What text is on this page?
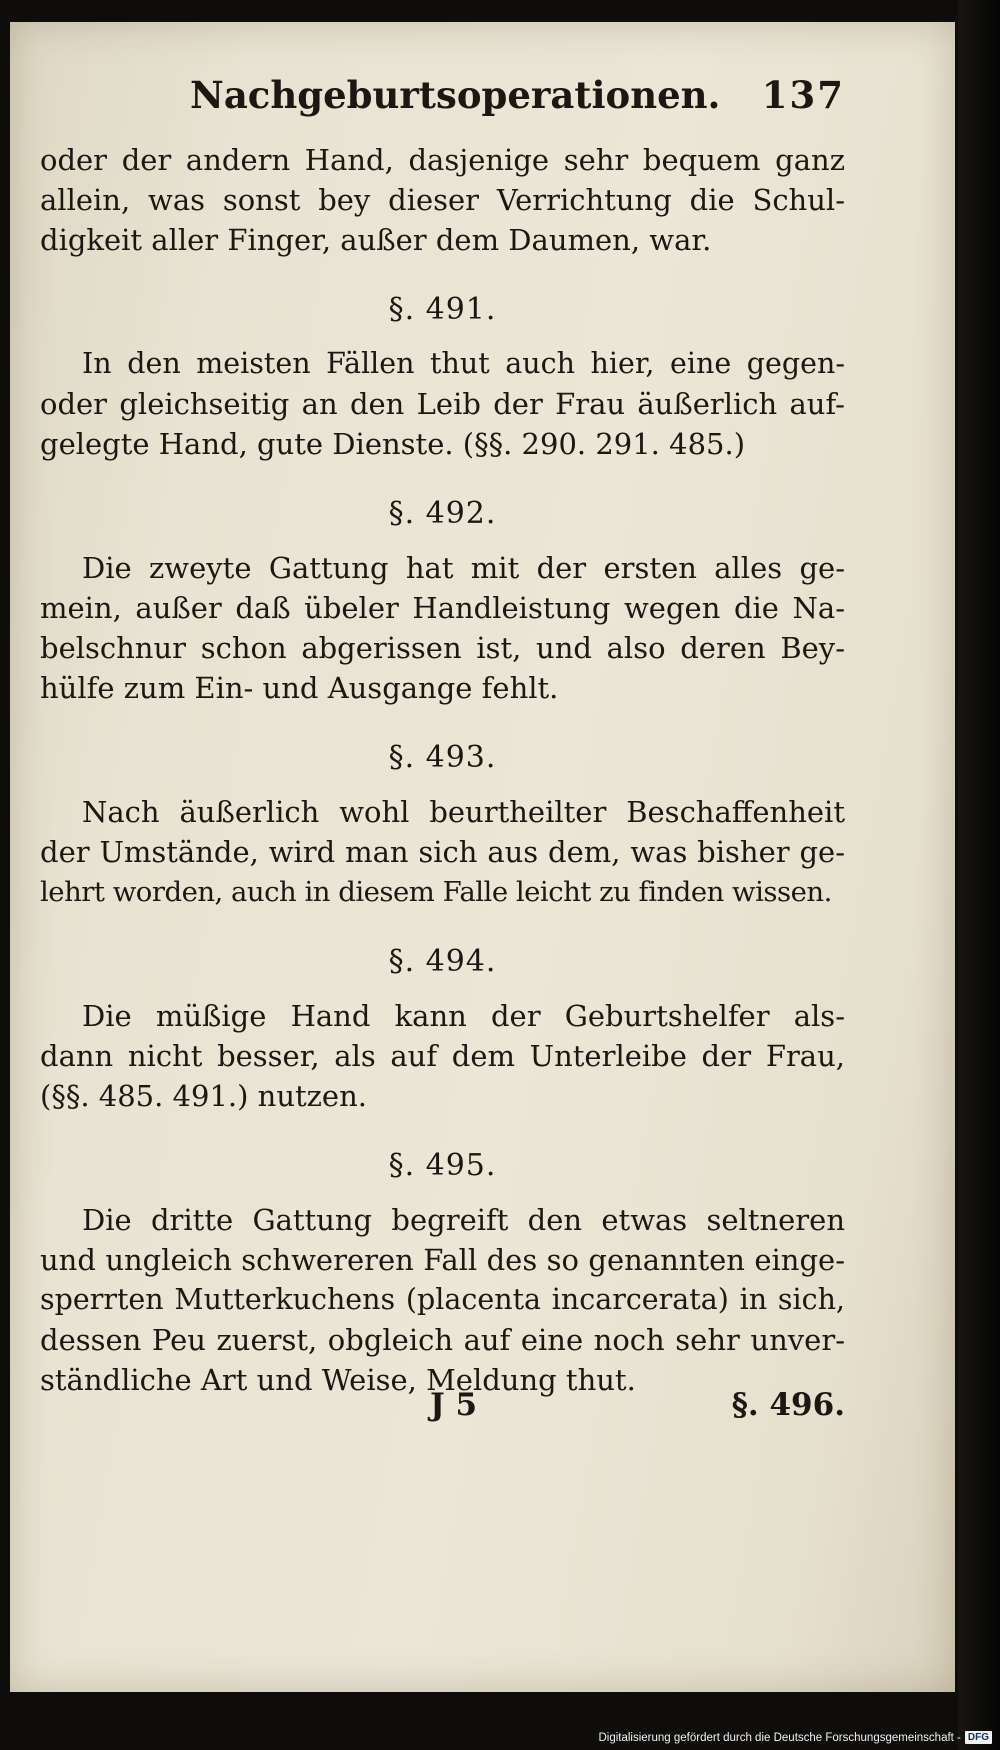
Nachgeburtsoperationen. 137
oder der andern Hand, dasjenige sehr bequem ganz
allein, was sonst bey dieser Verrichtung die Schul-
digkeit aller Finger, außer dem Daumen, war.
§. 491.
In den meisten Fällen thut auch hier, eine gegen-
oder gleichseitig an den Leib der Frau äußerlich auf-
gelegte Hand, gute Dienste. (§§. 290. 291. 485.)
§. 492.
Die zweyte Gattung hat mit der ersten alles ge-
mein, außer daß übeler Handleistung wegen die Na-
belschnur schon abgerissen ist, und also deren Bey-
hülfe zum Ein- und Ausgange fehlt.
§. 493.
Nach äußerlich wohl beurtheilter Beschaffenheit
der Umstände, wird man sich aus dem, was bisher ge-
lehrt worden, auch in diesem Falle leicht zu finden wissen.
§. 494.
Die müßige Hand kann der Geburtshelfer als-
dann nicht besser, als auf dem Unterleibe der Frau,
(§§. 485. 491.) nutzen.
§. 495.
Die dritte Gattung begreift den etwas seltneren
und ungleich schwereren Fall des so genannten einge-
sperrten Mutterkuchens (placenta incarcerata) in sich,
dessen Peu zuerst, obgleich auf eine noch sehr unver-
ständliche Art und Weise, Meldung thut.
J 5	§. 496.
Digitalisierung gefördert durch die Deutsche Forschungsgemeinschaft - DFG
